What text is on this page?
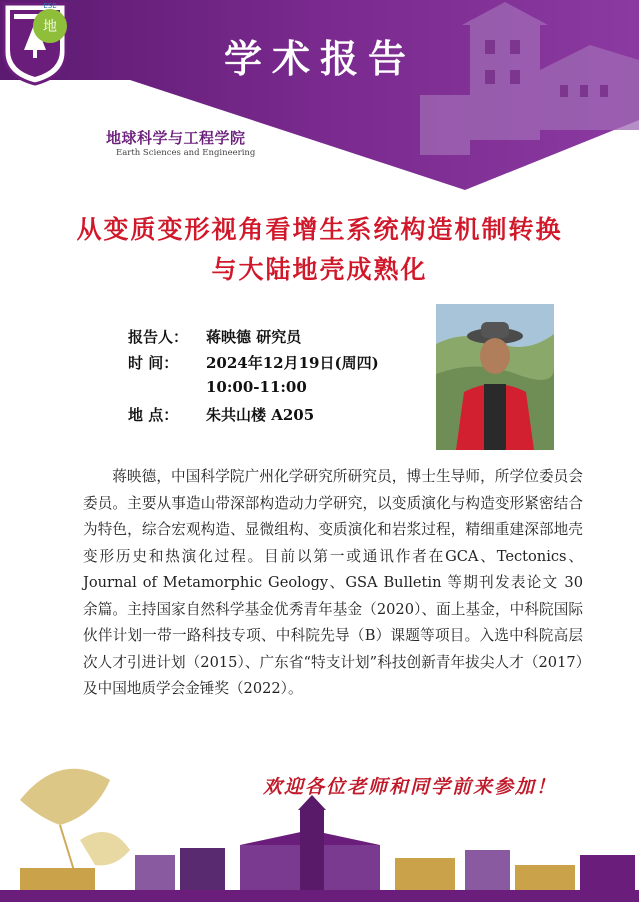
学术报告
地
ESE
地球科学与工程学院
Earth Sciences and Engineering
从变质变形视角看增生系统构造机制转换
与大陆地壳成熟化
报告人：	蒋映德 研究员
时 间：	2024年12月19日(周四)
10:00-11:00
地 点：	朱共山楼 A205
蒋映德，中国科学院广州化学研究所研究员，博士生导师，所学位委员会委员。主要从事造山带深部构造动力学研究，以变质演化与构造变形紧密结合为特色，综合宏观构造、显微组构、变质演化和岩浆过程，精细重建深部地壳变形历史和热演化过程。目前以第一或通讯作者在GCA、Tectonics、Journal of Metamorphic Geology、GSA Bulletin 等期刊发表论文 30 余篇。主持国家自然科学基金优秀青年基金（2020）、面上基金，中科院国际伙伴计划一带一路科技专项、中科院先导（B）课题等项目。入选中科院高层次人才引进计划（2015）、广东省“特支计划”科技创新青年拔尖人才（2017）及中国地质学会金锤奖（2022）。
欢迎各位老师和同学前来参加！
